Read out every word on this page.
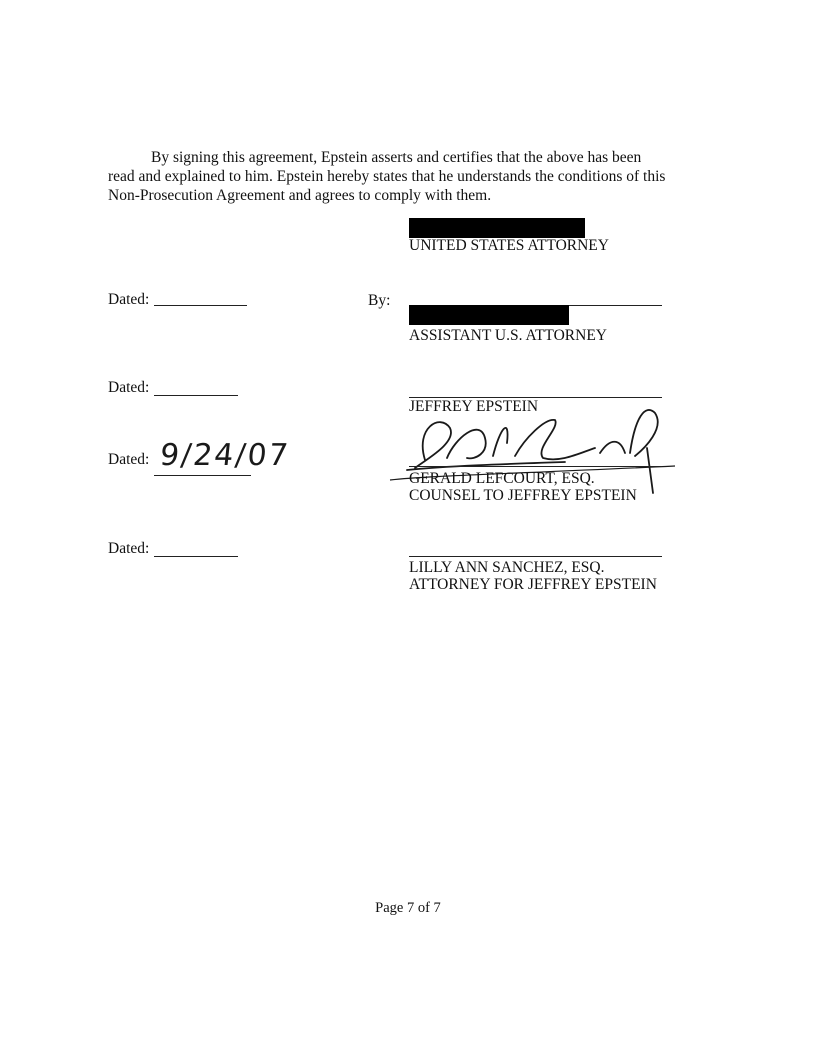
By signing this agreement, Epstein asserts and certifies that the above has been read and explained to him. Epstein hereby states that he understands the conditions of this Non-Prosecution Agreement and agrees to comply with them.

UNITED STATES ATTORNEY
Dated:	By:
ASSISTANT U.S. ATTORNEY
Dated:
JEFFREY EPSTEIN
Dated: 9/24/07
GERALD LEFCOURT, ESQ.
COUNSEL TO JEFFREY EPSTEIN
Dated:
LILLY ANN SANCHEZ, ESQ.
ATTORNEY FOR JEFFREY EPSTEIN
Page 7 of 7
